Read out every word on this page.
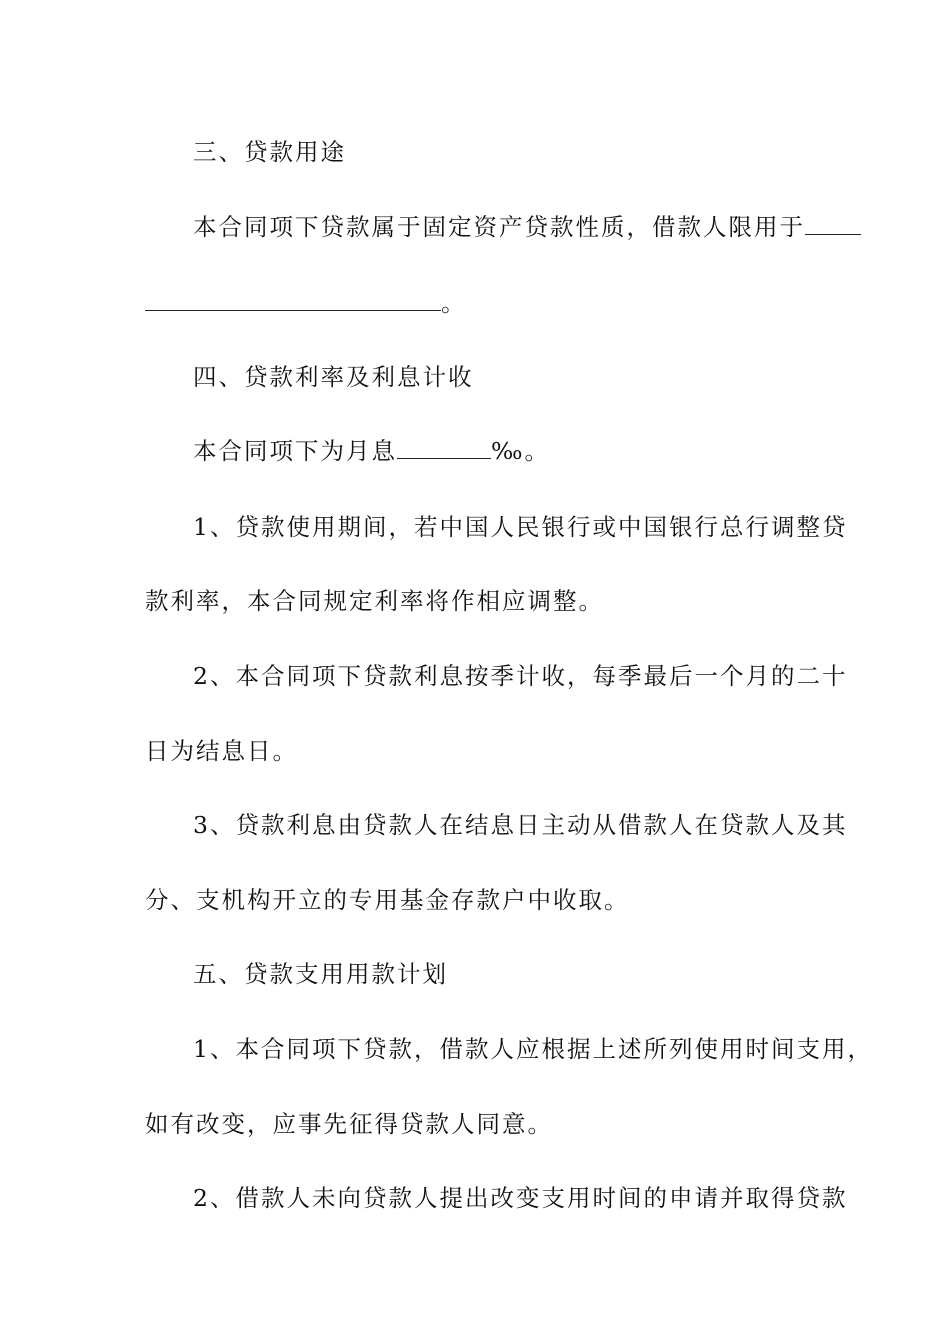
三、贷款用途
本合同项下贷款属于固定资产贷款性质，借款人限用于
。
四、贷款利率及利息计收
本合同项下为月息	‰。
1、贷款使用期间，若中国人民银行或中国银行总行调整贷
款利率，本合同规定利率将作相应调整。
2、本合同项下贷款利息按季计收，每季最后一个月的二十
日为结息日。
3、贷款利息由贷款人在结息日主动从借款人在贷款人及其
分、支机构开立的专用基金存款户中收取。
五、贷款支用用款计划
1、本合同项下贷款，借款人应根据上述所列使用时间支用，
如有改变，应事先征得贷款人同意。
2、借款人未向贷款人提出改变支用时间的申请并取得贷款
